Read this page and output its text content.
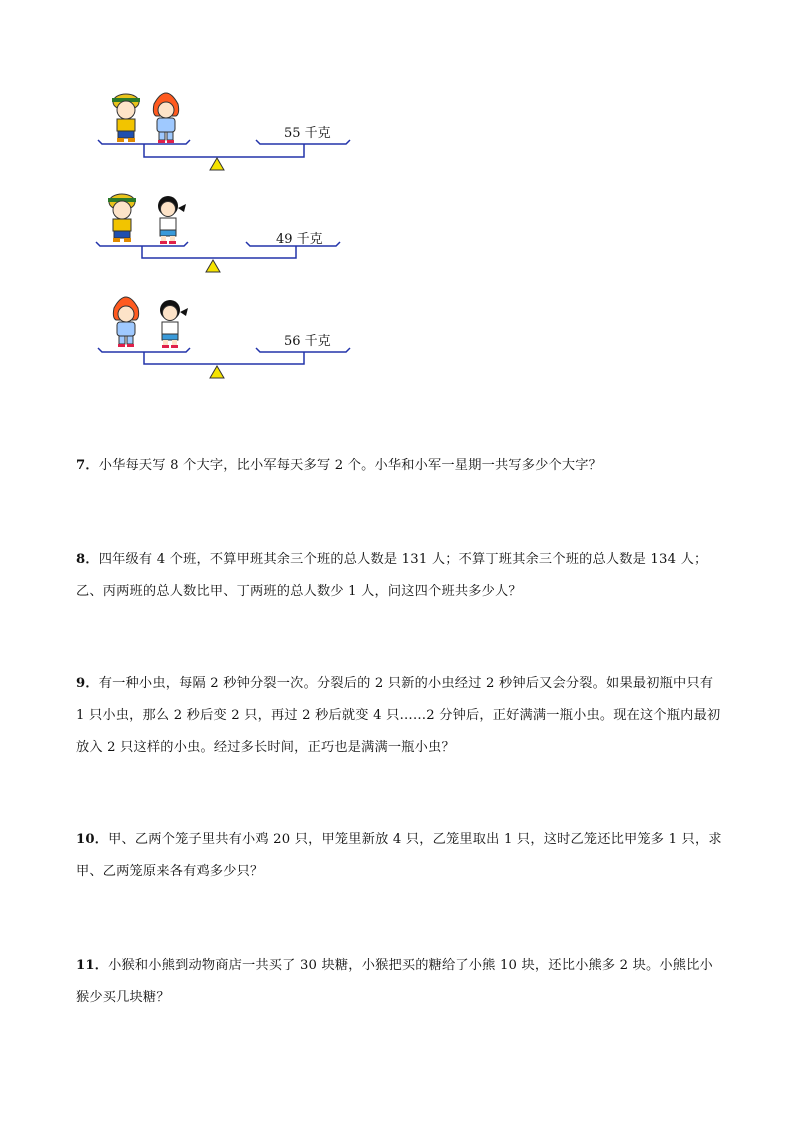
55 千克
49 千克
56 千克
7．小华每天写 8 个大字，比小军每天多写 2 个。小华和小军一星期一共写多少个大字？
8．四年级有 4 个班，不算甲班其余三个班的总人数是 131 人；不算丁班其余三个班的总人数是 134 人；乙、丙两班的总人数比甲、丁两班的总人数少 1 人，问这四个班共多少人？
9．有一种小虫，每隔 2 秒钟分裂一次。分裂后的 2 只新的小虫经过 2 秒钟后又会分裂。如果最初瓶中只有 1 只小虫，那么 2 秒后变 2 只，再过 2 秒后就变 4 只……2 分钟后，正好满满一瓶小虫。现在这个瓶内最初放入 2 只这样的小虫。经过多长时间，正巧也是满满一瓶小虫？
10．甲、乙两个笼子里共有小鸡 20 只，甲笼里新放 4 只，乙笼里取出 1 只，这时乙笼还比甲笼多 1 只，求甲、乙两笼原来各有鸡多少只？
11．小猴和小熊到动物商店一共买了 30 块糖，小猴把买的糖给了小熊 10 块，还比小熊多 2 块。小熊比小猴少买几块糖？
